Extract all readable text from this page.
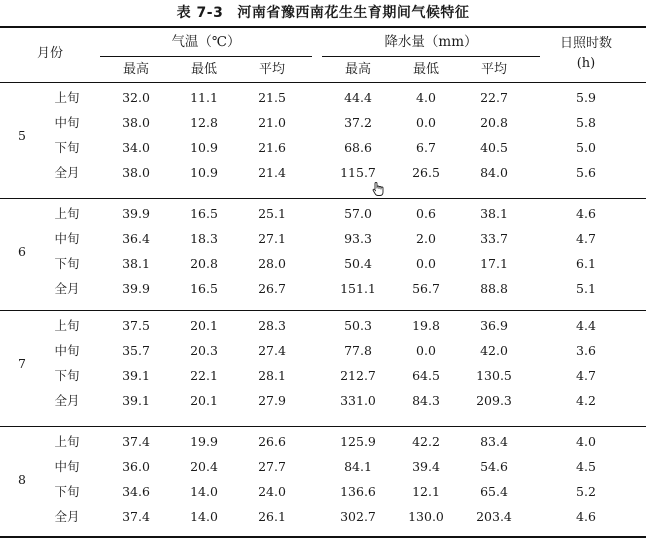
表 7-3 河南省豫西南花生生育期间气候特征
月份
气温（℃）	降水量（mm）	日照时数
(h)
最高	最低	平均	最高	最低	平均
5
上旬	32.0	11.1	21.5	44.4	4.0	22.7	5.9
中旬	38.0	12.8	21.0	37.2	0.0	20.8	5.8
下旬	34.0	10.9	21.6	68.6	6.7	40.5	5.0
全月	38.0	10.9	21.4	115.7	26.5	84.0	5.6
6
上旬	39.9	16.5	25.1	57.0	0.6	38.1	4.6
中旬	36.4	18.3	27.1	93.3	2.0	33.7	4.7
下旬	38.1	20.8	28.0	50.4	0.0	17.1	6.1
全月	39.9	16.5	26.7	151.1	56.7	88.8	5.1
7
上旬	37.5	20.1	28.3	50.3	19.8	36.9	4.4
中旬	35.7	20.3	27.4	77.8	0.0	42.0	3.6
下旬	39.1	22.1	28.1	212.7	64.5	130.5	4.7
全月	39.1	20.1	27.9	331.0	84.3	209.3	4.2
8
上旬	37.4	19.9	26.6	125.9	42.2	83.4	4.0
中旬	36.0	20.4	27.7	84.1	39.4	54.6	4.5
下旬	34.6	14.0	24.0	136.6	12.1	65.4	5.2
全月	37.4	14.0	26.1	302.7	130.0	203.4	4.6
